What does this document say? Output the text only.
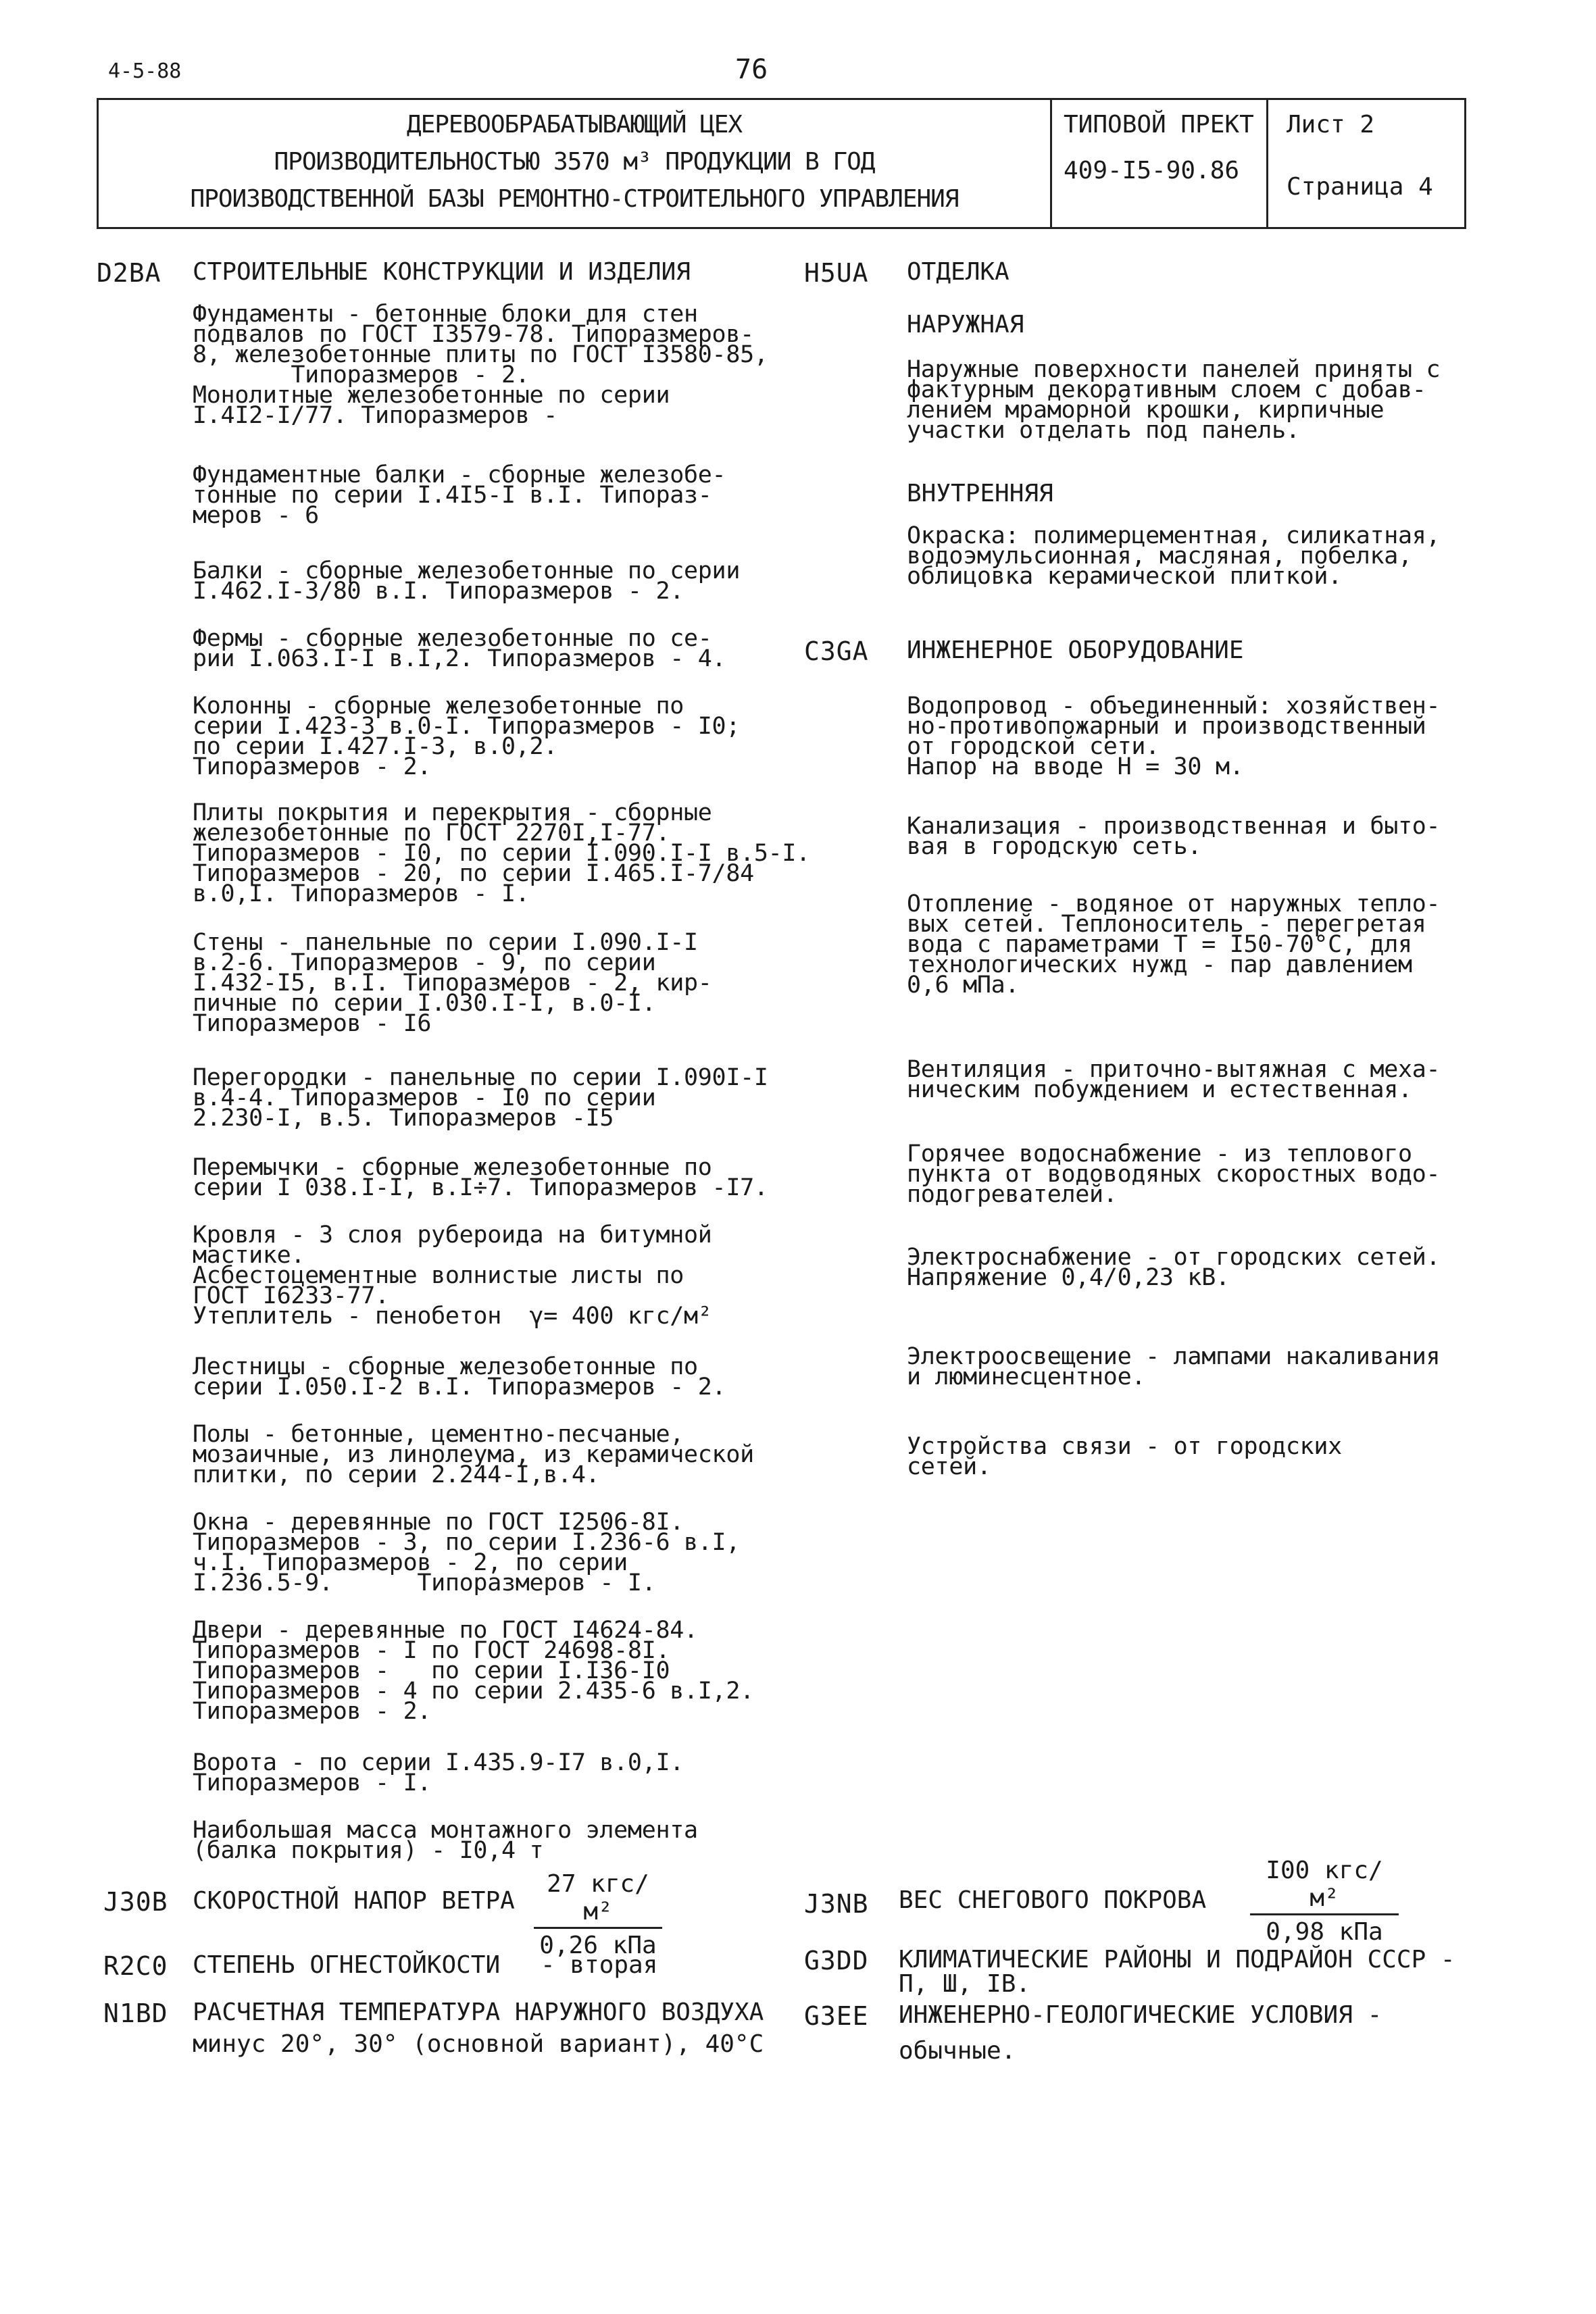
4-5-88	76
ДЕРЕВООБРАБАТЫВАЮЩИЙ ЦЕХ
ПРОИЗВОДИТЕЛЬНОСТЬЮ 3570 м³ ПРОДУКЦИИ В ГОД
ПРОИЗВОДСТВЕННОЙ БАЗЫ РЕМОНТНО-СТРОИТЕЛЬНОГО УПРАВЛЕНИЯ
ТИПОВОЙ ПРЕКТ
409-I5-90.86
Лист 2
Страница 4
D2BA СТРОИТЕЛЬНЫЕ КОНСТРУКЦИИ И ИЗДЕЛИЯ
Фундаменты - бетонные блоки для стен
подвалов по ГОСТ I3579-78. Типоразмеров-
8, железобетонные плиты по ГОСТ I3580-85,
Типоразмеров - 2.
Монолитные железобетонные по серии
I.4I2-I/77. Типоразмеров -
Фундаментные балки - сборные железобе-
тонные по серии I.4I5-I в.I. Типораз-
меров - 6
Балки - сборные железобетонные по серии
I.462.I-3/80 в.I. Типоразмеров - 2.
Фермы - сборные железобетонные по се-
рии I.063.I-I в.I,2. Типоразмеров - 4.
Колонны - сборные железобетонные по
серии I.423-3 в.0-I. Типоразмеров - I0;
по серии I.427.I-3, в.0,2.
Типоразмеров - 2.
Плиты покрытия и перекрытия - сборные
железобетонные по ГОСТ 2270I,I-77.
Типоразмеров - I0, по серии I.090.I-I в.5-I.
Типоразмеров - 20, по серии I.465.I-7/84
в.0,I. Типоразмеров - I.
Стены - панельные по серии I.090.I-I
в.2-6. Типоразмеров - 9, по серии
I.432-I5, в.I. Типоразмеров - 2, кир-
пичные по серии I.030.I-I, в.0-I.
Типоразмеров - I6
Перегородки - панельные по серии I.090I-I
в.4-4. Типоразмеров - I0 по серии
2.230-I, в.5. Типоразмеров -I5
Перемычки - сборные железобетонные по
серии I 038.I-I, в.I÷7. Типоразмеров -I7.
Кровля - 3 слоя рубероида на битумной
мастике.
Асбестоцементные волнистые листы по
ГОСТ I6233-77.
Утеплитель - пенобетон  γ= 400 кгс/м²
Лестницы - сборные железобетонные по
серии I.050.I-2 в.I. Типоразмеров - 2.
Полы - бетонные, цементно-песчаные,
мозаичные, из линолеума, из керамической
плитки, по серии 2.244-I,в.4.
Окна - деревянные по ГОСТ I2506-8I.
Типоразмеров - 3, по серии I.236-6 в.I,
ч.I. Типоразмеров - 2, по серии
I.236.5-9.      Типоразмеров - I.
Двери - деревянные по ГОСТ I4624-84.
Типоразмеров - I по ГОСТ 24698-8I.
Типоразмеров -   по серии I.I36-I0
Типоразмеров - 4 по серии 2.435-6 в.I,2.
Типоразмеров - 2.
Ворота - по серии I.435.9-I7 в.0,I.
Типоразмеров - I.
Наибольшая масса монтажного элемента
(балка покрытия) - I0,4 т
H5UA ОТДЕЛКА
НАРУЖНАЯ
Наружные поверхности панелей приняты с
фактурным декоративным слоем с добав-
лением мраморной крошки, кирпичные
участки отделать под панель.
ВНУТРЕННЯЯ
Окраска: полимерцементная, силикатная,
водоэмульсионная, масляная, побелка,
облицовка керамической плиткой.
C3GA ИНЖЕНЕРНОЕ ОБОРУДОВАНИЕ
Водопровод - объединенный: хозяйствен-
но-противопожарный и производственный
от городской сети.
Напор на вводе Н = 30 м.
Канализация - производственная и быто-
вая в городскую сеть.
Отопление - водяное от наружных тепло-
вых сетей. Теплоноситель - перегретая
вода с параметрами Т = I50-70°С, для
технологических нужд - пар давлением
0,6 мПа.
Вентиляция - приточно-вытяжная с меха-
ническим побуждением и естественная.
Горячее водоснабжение - из теплового
пункта от водоводяных скоростных водо-
подогревателей.
Электроснабжение - от городских сетей.
Напряжение 0,4/0,23 кВ.
Электроосвещение - лампами накаливания
и люминесцентное.
Устройства связи - от городских
сетей.
J30B СКОРОСТНОЙ НАПОР ВЕТРА
27 кгс/м²
0,26 кПа
J3NB ВЕС СНЕГОВОГО ПОКРОВА
I00 кгс/м²
0,98 кПа
R2C0 СТЕПЕНЬ ОГНЕСТОЙКОСТИ - вторая	G3DD КЛИМАТИЧЕСКИЕ РАЙОНЫ И ПОДРАЙОН СССР -
П, Ш, IВ.
N1BD РАСЧЕТНАЯ ТЕМПЕРАТУРА НАРУЖНОГО ВОЗДУХА
минус 20°, 30° (основной вариант), 40°С
G3EE ИНЖЕНЕРНО-ГЕОЛОГИЧЕСКИЕ УСЛОВИЯ -
обычные.
